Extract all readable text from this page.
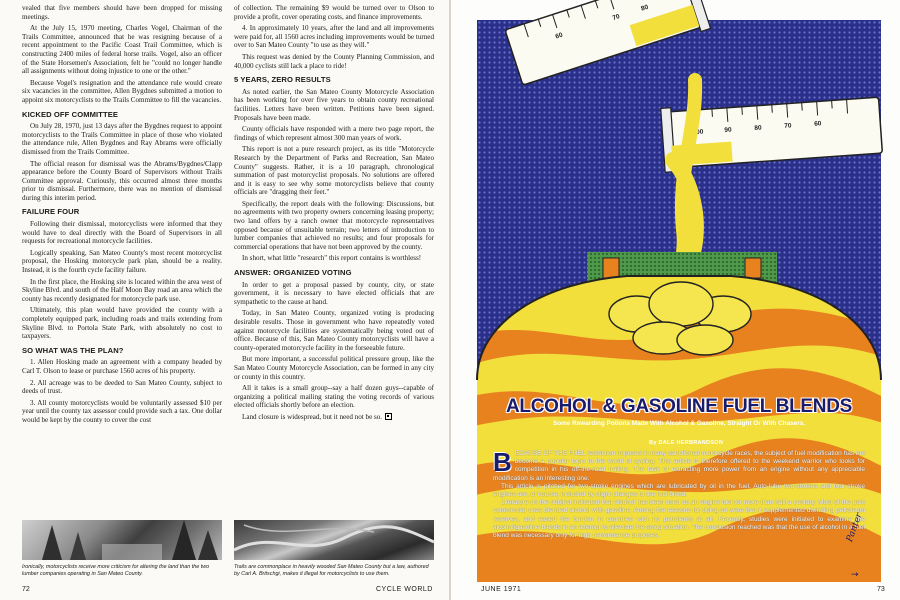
vealed that five members should have been dropped for missing meetings.

At the July 15, 1970 meeting, Charles Vogel, Chairman of the Trails Committee, announced that he was resigning because of a recent appointment to the Pacific Coast Trail Committee, which is constructing 2400 miles of federal horse trails. Vogel, also an officer of the State Horsemen's Association, felt he "could no longer handle all assignments without doing injustice to one or the other."

Because Vogel's resignation and the attendance rule would create six vacancies in the committee, Allen Bygdnes submitted a motion to appoint six motorcyclists to the Trails Committee to fill the vacancies.

KICKED OFF COMMITTEE

On July 28, 1970, just 13 days after the Bygdnes request to appoint motorcyclists to the Trails Committee in place of those who violated the attendance rule, Allen Bygdnes and Ray Abrams were officially dismissed from the Trails Committee.

The official reason for dismissal was the Abrams/Bygdnes/Clapp appearance before the County Board of Supervisors without Trails Committee approval. Curiously, this occurred almost three months prior to dismissal. Furthermore, there was no mention of dismissal during this interim period.

FAILURE FOUR

Following their dismissal, motorcyclists were informed that they would have to deal directly with the Board of Supervisors in all requests for recreational motorcycle facilities.

Logically speaking, San Mateo County's most recent motorcyclist proposal, the Hosking motorcycle park plan, should be a reality. Instead, it is the fourth cycle facility failure.

In the first place, the Hosking site is located within the area west of Skyline Blvd. and south of the Half Moon Bay road an area which the county has recently designated for motorcycle park use.

Ultimately, this plan would have provided the county with a completely equipped park, including roads and trails extending from Skyline Blvd. to Portola State Park, with absolutely no cost to taxpayers.

SO WHAT WAS THE PLAN?

1. Allen Hosking made an agreement with a company headed by Carl T. Olson to lease or purchase 1560 acres of his property.

2. All acreage was to be deeded to San Mateo County, subject to deeds of trust.

3. All county motorcyclists would be voluntarily assessed $10 per year until the county tax assessor could provide such a tax. One dollar would be kept by the county to cover the cost

of collection. The remaining $9 would be turned over to Olson to provide a profit, cover operating costs, and finance improvements.

4. In approximately 10 years, after the land and all improvements were paid for, all 1560 acres including improvements would be turned over to San Mateo County "to use as they will."

This request was denied by the County Planning Commission, and 40,000 cyclists still lack a place to ride!

5 YEARS, ZERO RESULTS

As noted earlier, the San Mateo County Motorcycle Association has been working for over five years to obtain county recreational facilities. Letters have been written. Petitions have been signed. Proposals have been made.

County officials have responded with a mere two page report, the findings of which represent almost 300 man years of work.

This report is not a pure research project, as its title "Motorcycle Research by the Department of Parks and Recreation, San Mateo County" suggests. Rather, it is a 10 paragraph, chronological summation of past motorcyclist proposals. No solutions are offered and it is easy to see why some motorcyclists believe that county officials are "dragging their feet."

Specifically, the report deals with the following: Discussions, but no agreements with two property owners concerning leasing property; two land offers by a ranch owner that motorcycle representatives opposed because of unsuitable terrain; two letters of introduction to lumber companies that achieved no results; and four proposals for commercial operations that have not been approved by the county.

In short, what little "research" this report contains is worthless!

ANSWER: ORGANIZED VOTING

In order to get a proposal passed by county, city, or state government, it is necessary to have elected officials that are sympathetic to the cause at hand.

Today, in San Mateo County, organized voting is producing desirable results. Those in government who have repeatedly voted against motorcycle facilities are systematically being voted out of office. Because of this, San Mateo County motorcyclists will have a county-operated motorcycle facility in the forseeable future.

But more important, a successful political pressure group, like the San Mateo County Motorcycle Association, can be formed in any city or county in this country.

All it takes is a small group--say a half dozen guys--capable of organizing a political mailing stating the voting records of various elected officials shortly before an election.

Land closure is widespread, but it need not be so.

Ironically, motorcyclists receive more criticism for altering the land than the two lumber companies operating in San Mateo County.
Trails are commonplace in heavily wooded San Mateo County but a law, authored by Carl A. Britschgi, makes it illegal for motorcyclists to use them.
72	CYCLE WORLD
60
70
80
100	90	80	70	60
ALCOHOL & GASOLINE FUEL BLENDS
Some Rewarding Potions Made With Alcohol & Gasoline, Straight Or With Chasers.
By DALE HERBRANDSON

BECAUSE OF THE FUEL restriction imposed in many sanctioned motorcycle races, the subject of fuel modification has not become a popular topic in the world of cycling. This article is therefore offered to the weekend warrior who looks for competition in his off-the-road trailing. The task of extracting more power from an engine without any appreciable modification is an interesting one.

This article is pitched for two-stroke engines which are lubricated by oil in the fuel. Auto-lube two-strokes and four-stroke engines are, of course, included by slight changes to the fuel blend.

Literature on the subject indicated that alcohol has been used as an engine fuel for more than half a century. Most of the past commercial uses blended alcohol with gasoline. Among the reasons for doing so were that it supplemented dwindling petroleum reserves, and eased the burden in countries with no petroleum at all. Recently, studies were initiated to examine the alcohol/gasoline blends in an attempt to alleviate the smog situation. The conclusion reached was that the use of alcohol in a fuel blend was necessary only for high performance purposes.

→
Panter
JUNE 1971	73
